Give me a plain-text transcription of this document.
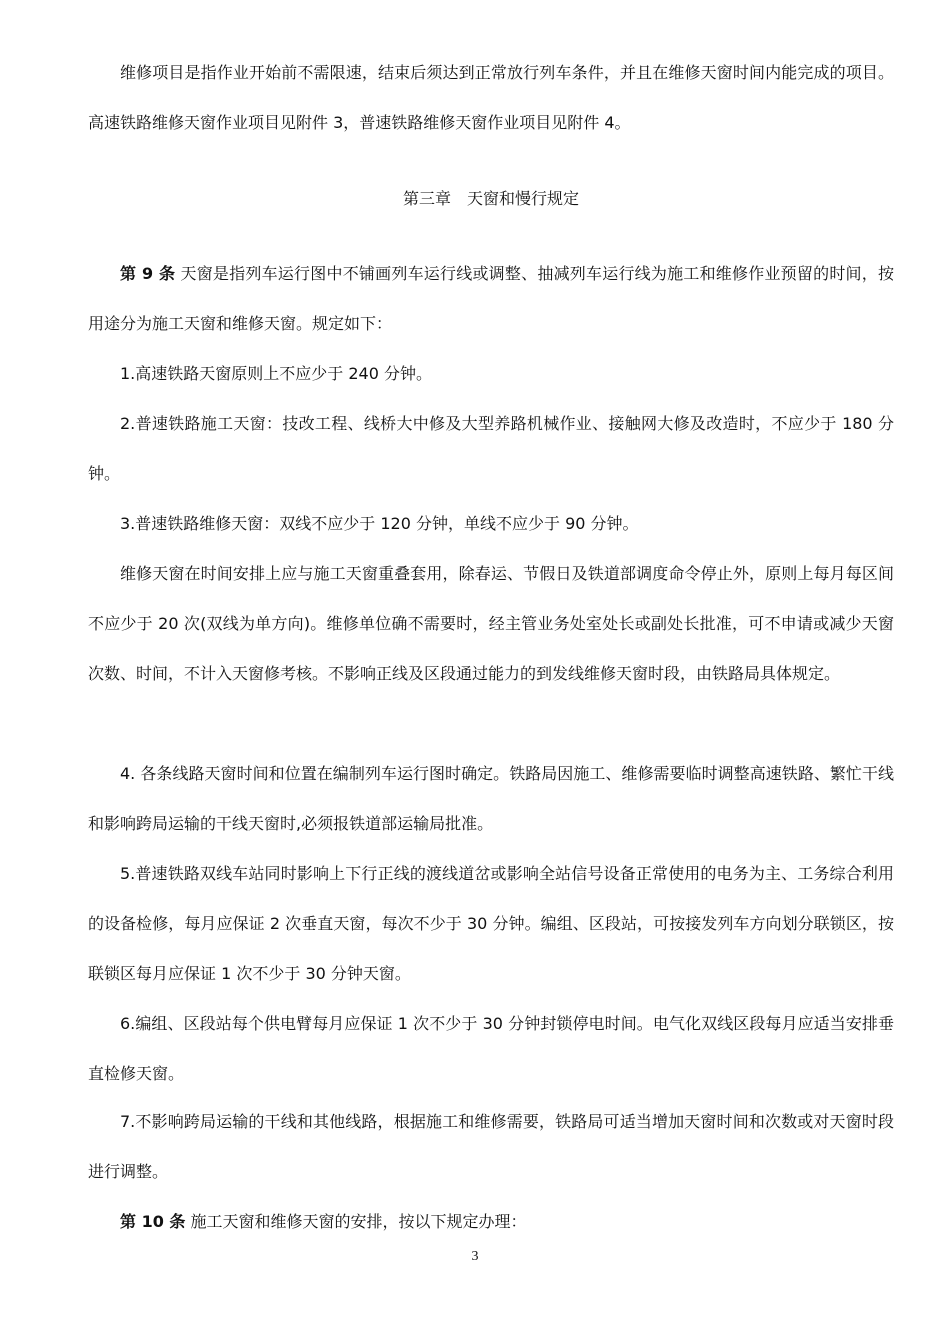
维修项目是指作业开始前不需限速，结束后须达到正常放行列车条件，并且在维修天窗时间内能完成的项目。高速铁路维修天窗作业项目见附件 3，普速铁路维修天窗作业项目见附件 4。

第三章　天窗和慢行规定

第 9 条 天窗是指列车运行图中不铺画列车运行线或调整、抽减列车运行线为施工和维修作业预留的时间，按用途分为施工天窗和维修天窗。规定如下：

1.高速铁路天窗原则上不应少于 240 分钟。

2.普速铁路施工天窗：技改工程、线桥大中修及大型养路机械作业、接触网大修及改造时，不应少于 180 分钟。

3.普速铁路维修天窗：双线不应少于 120 分钟，单线不应少于 90 分钟。

维修天窗在时间安排上应与施工天窗重叠套用，除春运、节假日及铁道部调度命令停止外，原则上每月每区间不应少于 20 次(双线为单方向)。维修单位确不需要时，经主管业务处室处长或副处长批准，可不申请或减少天窗次数、时间，不计入天窗修考核。不影响正线及区段通过能力的到发线维修天窗时段，由铁路局具体规定。

4. 各条线路天窗时间和位置在编制列车运行图时确定。铁路局因施工、维修需要临时调整高速铁路、繁忙干线和影响跨局运输的干线天窗时,必须报铁道部运输局批准。

5.普速铁路双线车站同时影响上下行正线的渡线道岔或影响全站信号设备正常使用的电务为主、工务综合利用的设备检修，每月应保证 2 次垂直天窗，每次不少于 30 分钟。编组、区段站，可按接发列车方向划分联锁区，按联锁区每月应保证 1 次不少于 30 分钟天窗。

6.编组、区段站每个供电臂每月应保证 1 次不少于 30 分钟封锁停电时间。电气化双线区段每月应适当安排垂直检修天窗。

7.不影响跨局运输的干线和其他线路，根据施工和维修需要，铁路局可适当增加天窗时间和次数或对天窗时段进行调整。

第 10 条 施工天窗和维修天窗的安排，按以下规定办理：

3
